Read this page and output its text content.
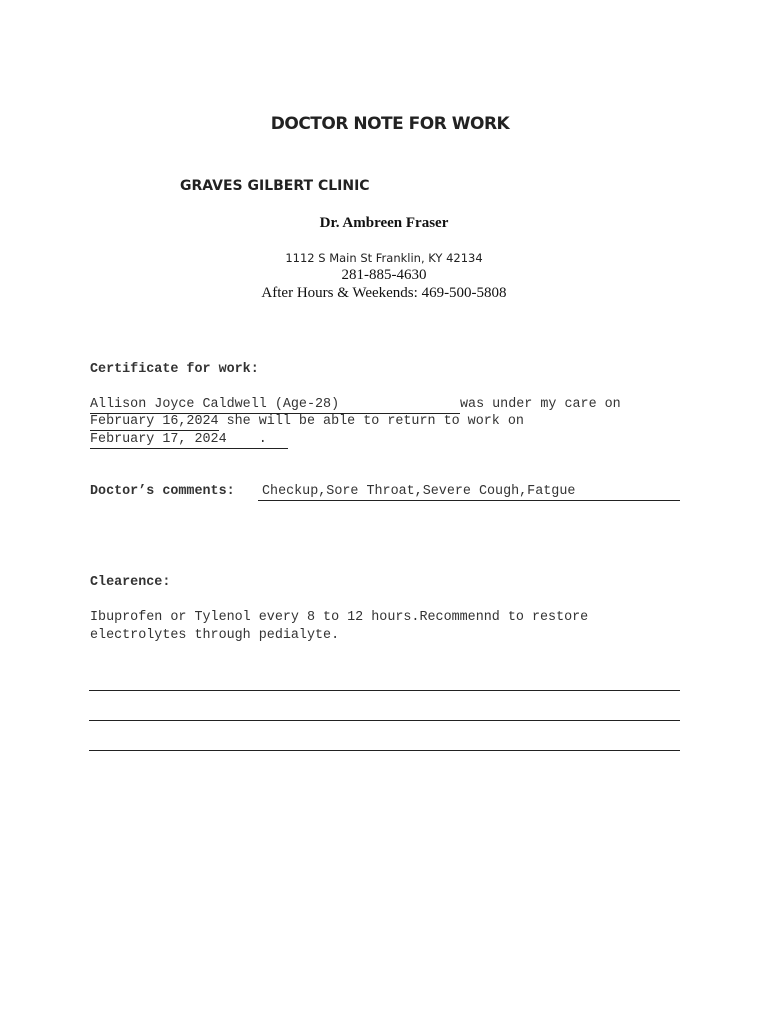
DOCTOR NOTE FOR WORK
GRAVES GILBERT CLINIC
Dr. Ambreen Fraser
1112 S Main St Franklin, KY 42134
281-885-4630
After Hours & Weekends: 469-500-5808
Certificate for work:
Allison Joyce Caldwell (Age-28)	was under my care on
February 16,2024 she will be able to return to work on
February 17, 2024 .
Doctor’s comments: Checkup,Sore Throat,Severe Cough,Fatgue
Clearence:
Ibuprofen or Tylenol every 8 to 12 hours.Recommennd to restore
electrolytes through pedialyte.
